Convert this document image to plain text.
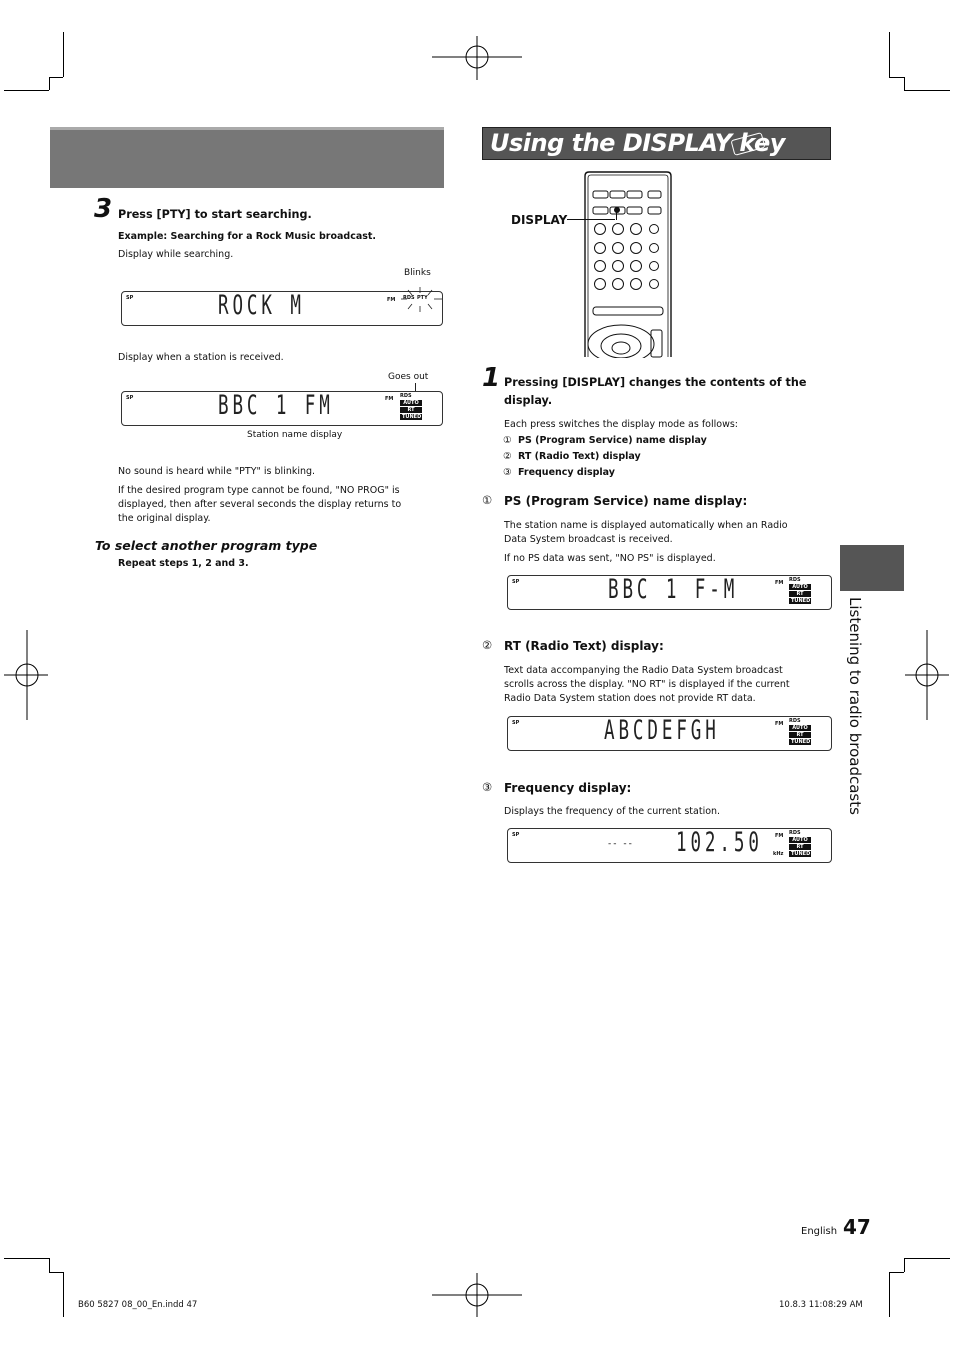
3 Press [PTY] to start searching.
Example: Searching for a Rock Music broadcast.
Display while searching.
Blinks
SP	ROCK M	FM RDS PTY
Display when a station is received.
Goes out
SP	BBC 1 FM	FM RDS
AUTO
RT
TUNED
Station name display
No sound is heard while "PTY" is blinking.
If the desired program type cannot be found, "NO PROG" is
displayed, then after several seconds the display returns to
the original display.
To select another program type
Repeat steps 1, 2 and 3.
Using the DISPLAY key
DISPLAY
1 Pressing [DISPLAY] changes the contents of the
display.
Each press switches the display mode as follows:
① PS (Program Service) name display
② RT (Radio Text) display
③ Frequency display
① PS (Program Service) name display:
The station name is displayed automatically when an Radio
Data System broadcast is received.
If no PS data was sent, "NO PS" is displayed.
SP	BBC 1 F-M	FM RDS
AUTO
RT
TUNED
② RT (Radio Text) display:
Text data accompanying the Radio Data System broadcast
scrolls across the display. "NO RT" is displayed if the current
Radio Data System station does not provide RT data.
SP	ABCDEFGH	FM RDS
AUTO
RT
TUNED
③ Frequency display:
Displays the frequency of the current station.
SP
-- -- 102.50 FM
kHz
RDS
AUTO
RT
TUNED
Listening to radio broadcasts
English 47
B60 5827 08_00_En.indd 47	10.8.3 11:08:29 AM
